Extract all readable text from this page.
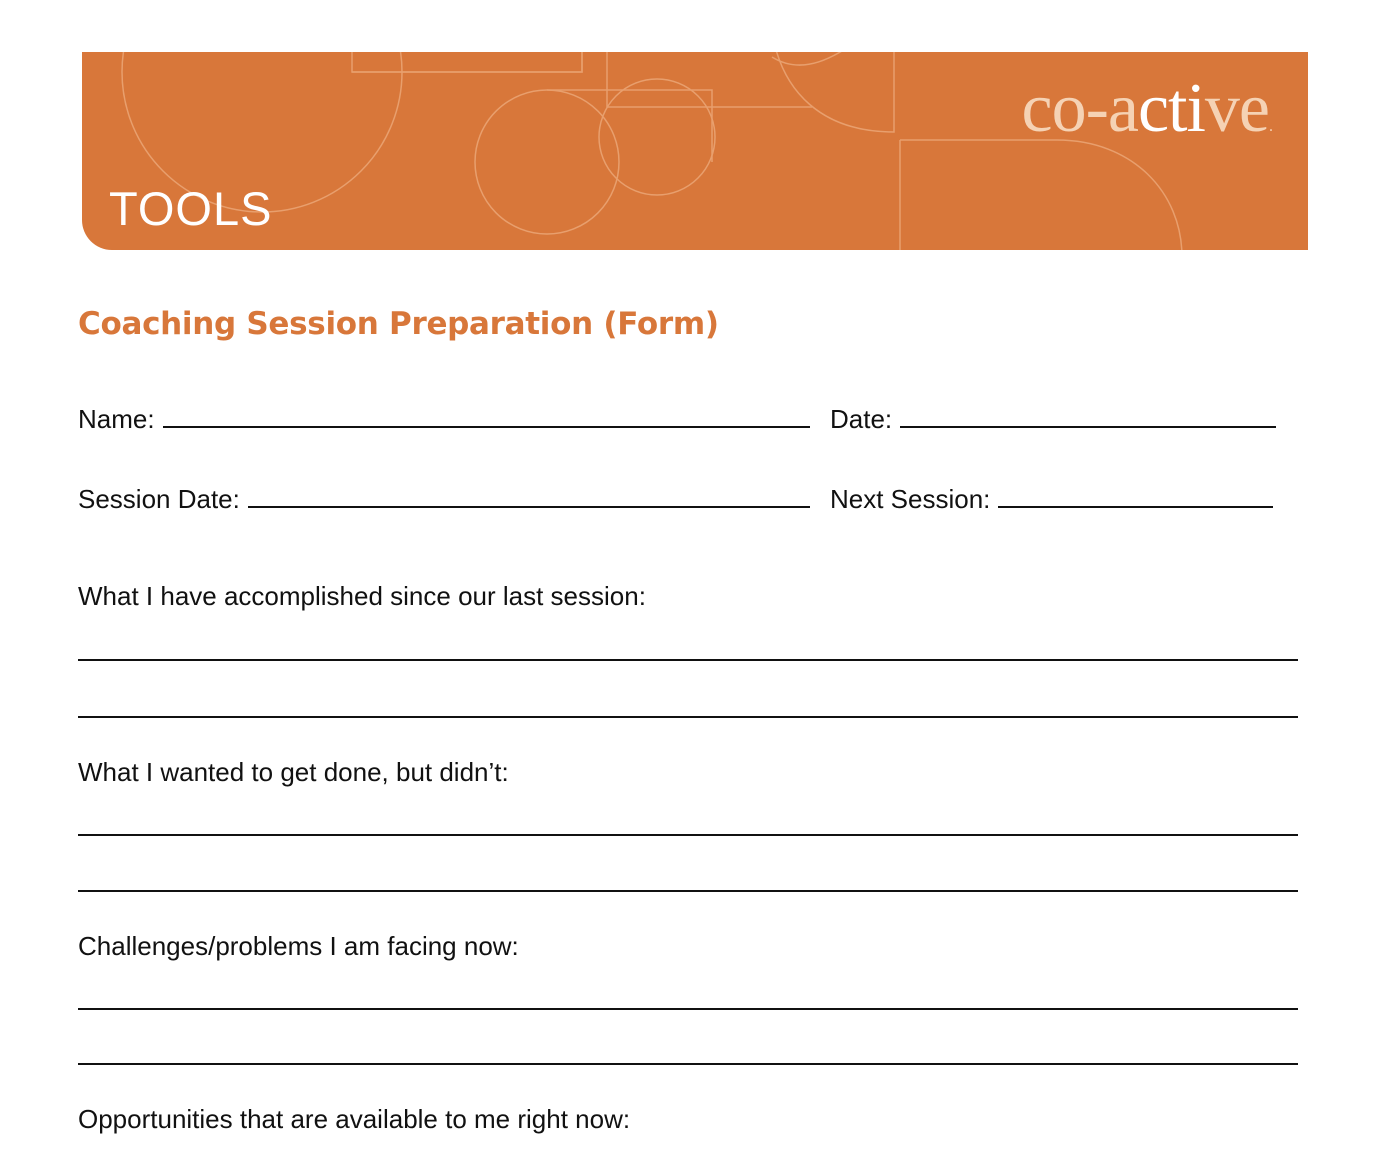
TOOLS
co-active.
Coaching Session Preparation (Form)
Name:	Date:
Session Date:	Next Session:
What I have accomplished since our last session:
What I wanted to get done, but didn’t:
Challenges/problems I am facing now:
Opportunities that are available to me right now:
